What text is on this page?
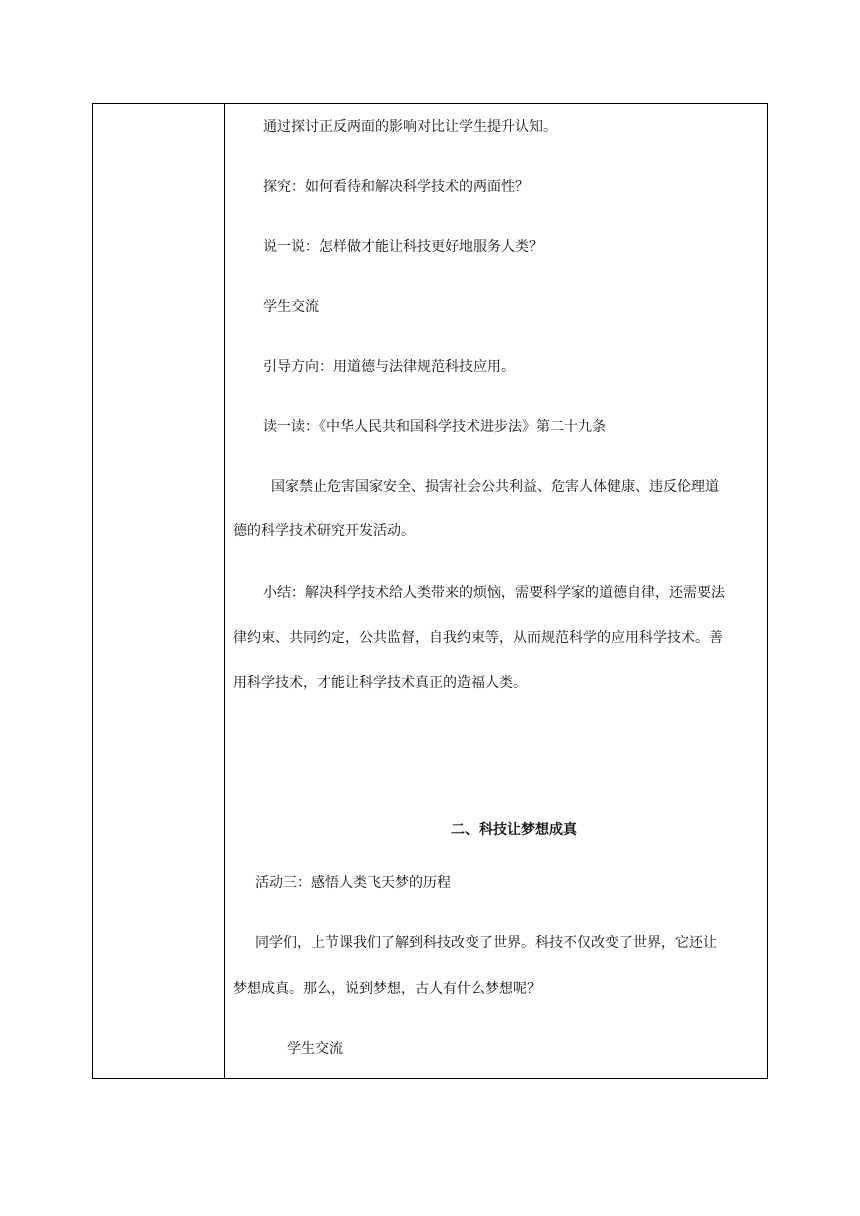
通过探讨正反两面的影响对比让学生提升认知。
探究：如何看待和解决科学技术的两面性？
说一说：怎样做才能让科技更好地服务人类？
学生交流
引导方向：用道德与法律规范科技应用。
读一读：《中华人民共和国科学技术进步法》第二十九条
国家禁止危害国家安全、损害社会公共利益、危害人体健康、违反伦理道
德的科学技术研究开发活动。
小结：解决科学技术给人类带来的烦恼，需要科学家的道德自律，还需要法
律约束、共同约定，公共监督，自我约束等，从而规范科学的应用科学技术。善
用科学技术，才能让科学技术真正的造福人类。
二、科技让梦想成真
活动三：感悟人类飞天梦的历程
同学们，上节课我们了解到科技改变了世界。科技不仅改变了世界，它还让
梦想成真。那么，说到梦想，古人有什么梦想呢？
学生交流
